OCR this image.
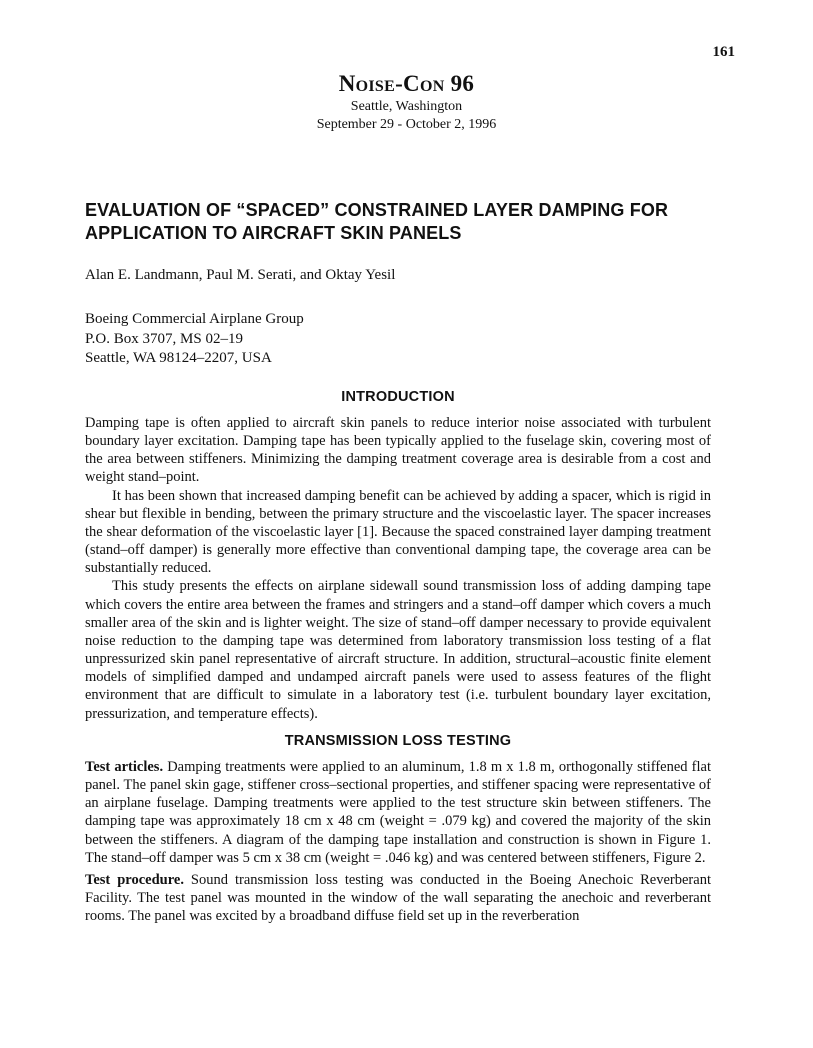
161
Noise-Con 96
Seattle, Washington
September 29 - October 2, 1996
EVALUATION OF “SPACED” CONSTRAINED LAYER DAMPING FOR APPLICATION TO AIRCRAFT SKIN PANELS
Alan E. Landmann, Paul M. Serati, and Oktay Yesil
Boeing Commercial Airplane Group
P.O. Box 3707, MS 02–19
Seattle, WA 98124–2207, USA
INTRODUCTION

Damping tape is often applied to aircraft skin panels to reduce interior noise associated with turbulent boundary layer excitation. Damping tape has been typically applied to the fuselage skin, covering most of the area between stiffeners. Minimizing the damping treatment coverage area is desirable from a cost and weight stand–point.

It has been shown that increased damping benefit can be achieved by adding a spacer, which is rigid in shear but flexible in bending, between the primary structure and the viscoelastic layer. The spacer increases the shear deformation of the viscoelastic layer [1]. Because the spaced constrained layer damping treatment (stand–off damper) is generally more effective than conventional damping tape, the coverage area can be substantially reduced.

This study presents the effects on airplane sidewall sound transmission loss of adding damping tape which covers the entire area between the frames and stringers and a stand–off damper which covers a much smaller area of the skin and is lighter weight. The size of stand–off damper necessary to provide equivalent noise reduction to the damping tape was determined from laboratory transmission loss testing of a flat unpressurized skin panel representative of aircraft structure. In addition, structural–acoustic finite element models of simplified damped and undamped aircraft panels were used to assess features of the flight environment that are difficult to simulate in a laboratory test (i.e. turbulent boundary layer excitation, pressurization, and temperature effects).

TRANSMISSION LOSS TESTING

Test articles. Damping treatments were applied to an aluminum, 1.8 m x 1.8 m, orthogonally stiffened flat panel. The panel skin gage, stiffener cross–sectional properties, and stiffener spacing were representative of an airplane fuselage. Damping treatments were applied to the test structure skin between stiffeners. The damping tape was approximately 18 cm x 48 cm (weight = .079 kg) and covered the majority of the skin between the stiffeners. A diagram of the damping tape installation and construction is shown in Figure 1. The stand–off damper was 5 cm x 38 cm (weight = .046 kg) and was centered between stiffeners, Figure 2.

Test procedure. Sound transmission loss testing was conducted in the Boeing Anechoic Reverberant Facility. The test panel was mounted in the window of the wall separating the anechoic and reverberant rooms. The panel was excited by a broadband diffuse field set up in the reverberation
